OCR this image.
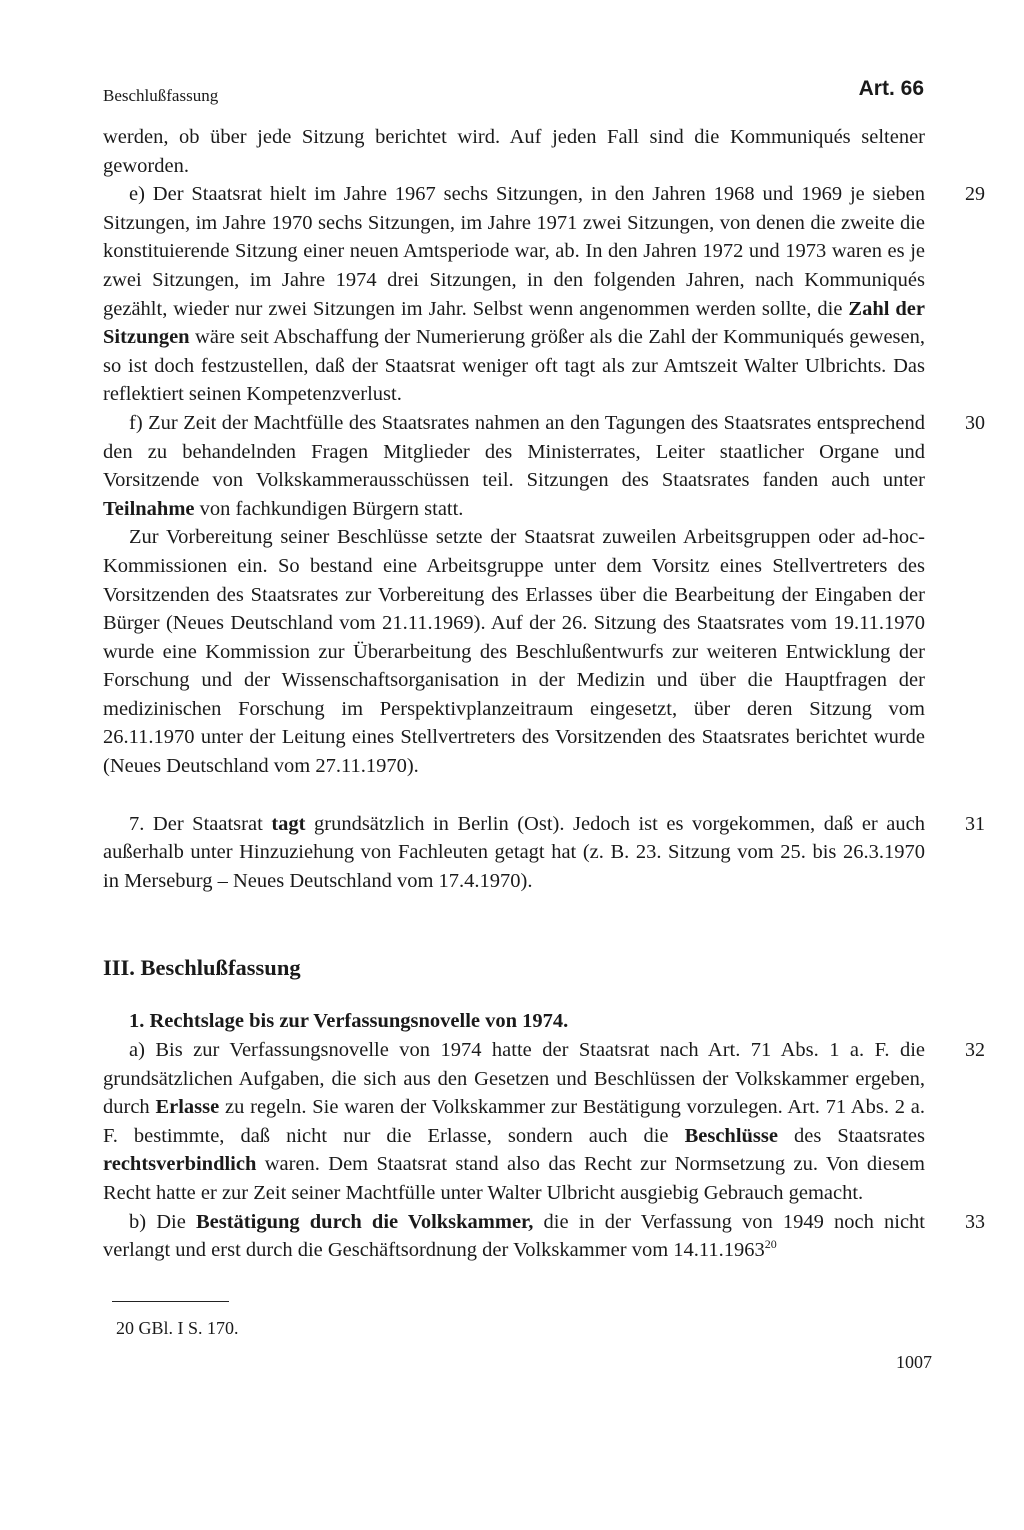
Beschlußfassung	Art. 66

werden, ob über jede Sitzung berichtet wird. Auf jeden Fall sind die Kommuniqués seltener geworden.

29
e) Der Staatsrat hielt im Jahre 1967 sechs Sitzungen, in den Jahren 1968 und 1969 je sieben Sitzungen, im Jahre 1970 sechs Sitzungen, im Jahre 1971 zwei Sitzungen, von denen die zweite die konstituierende Sitzung einer neuen Amtsperiode war, ab. In den Jahren 1972 und 1973 waren es je zwei Sitzungen, im Jahre 1974 drei Sitzungen, in den folgenden Jahren, nach Kommuniqués gezählt, wieder nur zwei Sitzungen im Jahr. Selbst wenn angenommen werden sollte, die Zahl der Sitzungen wäre seit Abschaffung der Numerierung größer als die Zahl der Kommuniqués gewesen, so ist doch festzustellen, daß der Staatsrat weniger oft tagt als zur Amtszeit Walter Ulbrichts. Das reflektiert seinen Kompetenzverlust.

30
f) Zur Zeit der Machtfülle des Staatsrates nahmen an den Tagungen des Staatsrates entsprechend den zu behandelnden Fragen Mitglieder des Ministerrates, Leiter staatlicher Organe und Vorsitzende von Volkskammerausschüssen teil. Sitzungen des Staatsrates fanden auch unter Teilnahme von fachkundigen Bürgern statt.

Zur Vorbereitung seiner Beschlüsse setzte der Staatsrat zuweilen Arbeitsgruppen oder ad-hoc-Kommissionen ein. So bestand eine Arbeitsgruppe unter dem Vorsitz eines Stellvertreters des Vorsitzenden des Staatsrates zur Vorbereitung des Erlasses über die Bearbeitung der Eingaben der Bürger (Neues Deutschland vom 21.11.1969). Auf der 26. Sitzung des Staatsrates vom 19.11.1970 wurde eine Kommission zur Überarbeitung des Beschlußentwurfs zur weiteren Entwicklung der Forschung und der Wissenschaftsorganisation in der Medizin und über die Hauptfragen der medizinischen Forschung im Perspektivplanzeitraum eingesetzt, über deren Sitzung vom 26.11.1970 unter der Leitung eines Stellvertreters des Vorsitzenden des Staatsrates berichtet wurde (Neues Deutschland vom 27.11.1970).

31
7. Der Staatsrat tagt grundsätzlich in Berlin (Ost). Jedoch ist es vorgekommen, daß er auch außerhalb unter Hinzuziehung von Fachleuten getagt hat (z. B. 23. Sitzung vom 25. bis 26.3.1970 in Merseburg – Neues Deutschland vom 17.4.1970).

III. Beschlußfassung

1. Rechtslage bis zur Verfassungsnovelle von 1974.

32
a) Bis zur Verfassungsnovelle von 1974 hatte der Staatsrat nach Art. 71 Abs. 1 a. F. die grundsätzlichen Aufgaben, die sich aus den Gesetzen und Beschlüssen der Volkskammer ergeben, durch Erlasse zu regeln. Sie waren der Volkskammer zur Bestätigung vorzulegen. Art. 71 Abs. 2 a. F. bestimmte, daß nicht nur die Erlasse, sondern auch die Beschlüsse des Staatsrates rechtsverbindlich waren. Dem Staatsrat stand also das Recht zur Normsetzung zu. Von diesem Recht hatte er zur Zeit seiner Machtfülle unter Walter Ulbricht ausgiebig Gebrauch gemacht.

33
b) Die Bestätigung durch die Volkskammer, die in der Verfassung von 1949 noch nicht verlangt und erst durch die Geschäftsordnung der Volkskammer vom 14.11.1963$^{20}$

20 GBl. I S. 170.
1007
